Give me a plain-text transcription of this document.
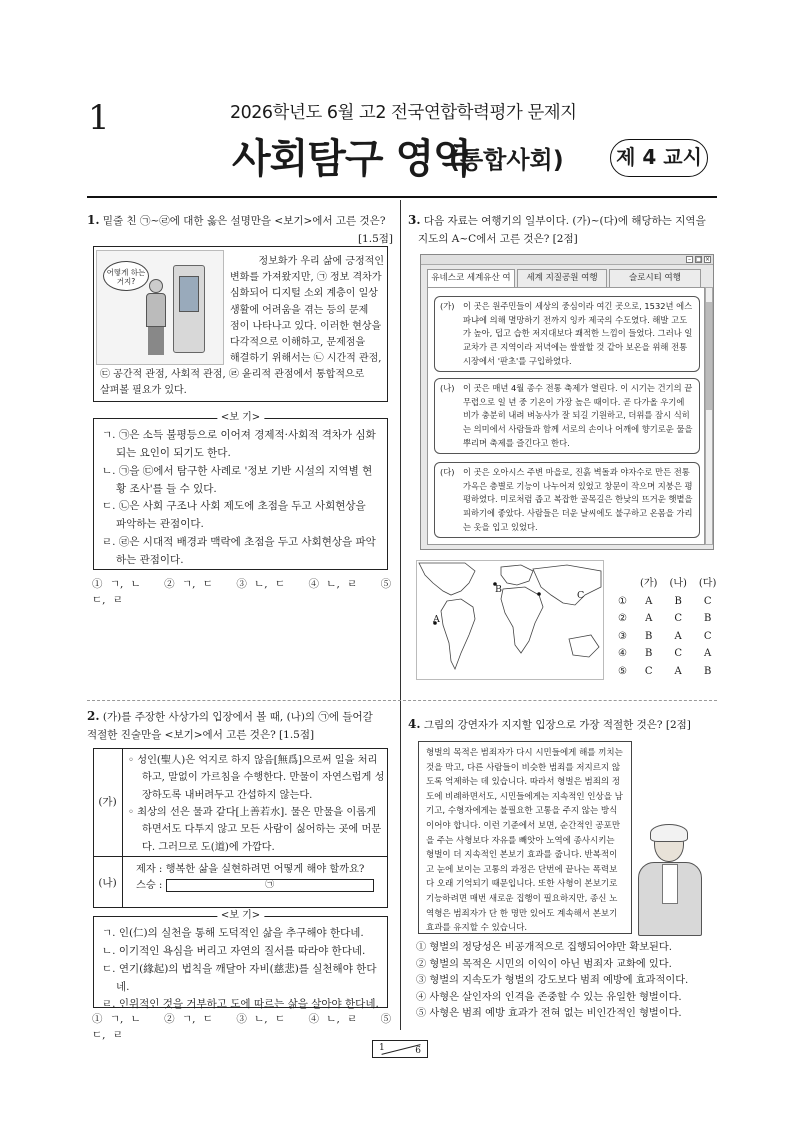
1	2026학년도 6월 고2 전국연합학력평가 문제지
사회탐구 영역
(통합사회)	제 4 교시
1. 밑줄 친 ㉠~㉣에 대한 옳은 설명만을 <보기>에서 고른 것은?
[1.5점]
어떻게 하는 거지?
정보화가 우리 삶에 긍정적인
변화를 가져왔지만, ㉠ 정보 격차가
심화되어 디지털 소외 계층이 일상
생활에 어려움을 겪는 등의 문제
점이 나타나고 있다. 이러한 현상을
다각적으로 이해하고, 문제점을
해결하기 위해서는 ㉡ 시간적 관점,
㉢ 공간적 관점, 사회적 관점, ㉣ 윤리적 관점에서 통합적으로
살펴볼 필요가 있다.
<보 기>
ㄱ. ㉠은 소득 불평등으로 이어져 경제적·사회적 격차가 심화되는 요인이 되기도 한다.
ㄴ. ㉠을 ㉢에서 탐구한 사례로 '정보 기반 시설의 지역별 현황 조사'를 들 수 있다.
ㄷ. ㉡은 사회 구조나 사회 제도에 초점을 두고 사회현상을 파악하는 관점이다.
ㄹ. ㉣은 시대적 배경과 맥락에 초점을 두고 사회현상을 파악하는 관점이다.
① ㄱ, ㄴ ② ㄱ, ㄷ ③ ㄴ, ㄷ ④ ㄴ, ㄹ ⑤ ㄷ, ㄹ
2. (가)를 주장한 사상가의 입장에서 볼 때, (나)의 ㉠에 들어갈
적절한 진술만을 <보기>에서 고른 것은? [1.5점]
(가)
◦ 성인(聖人)은 억지로 하지 않음[無爲]으로써 일을 처리하고, 말없이 가르침을 수행한다. 만물이 자연스럽게 성장하도록 내버려두고 간섭하지 않는다.
◦ 최상의 선은 물과 같다[上善若水]. 물은 만물을 이롭게 하면서도 다투지 않고 모든 사람이 싫어하는 곳에 머문다. 그러므로 도(道)에 가깝다.
(나)
제자 : 행복한 삶을 실현하려면 어떻게 해야 할까요?
스승 :	㉠
<보 기>
ㄱ. 인(仁)의 실천을 통해 도덕적인 삶을 추구해야 한다네.
ㄴ. 이기적인 욕심을 버리고 자연의 질서를 따라야 한다네.
ㄷ. 연기(緣起)의 법칙을 깨달아 자비(慈悲)를 실천해야 한다네.
ㄹ. 인위적인 것을 거부하고 도에 따르는 삶을 살아야 한다네.
① ㄱ, ㄴ ② ㄱ, ㄷ ③ ㄴ, ㄷ ④ ㄴ, ㄹ ⑤ ㄷ, ㄹ
3. 다음 자료는 여행기의 일부이다. (가)~(다)에 해당하는 지역을
지도의 A~C에서 고른 것은? [2점]
– □ ×
유네스코 세계유산 여	세계 지질공원 여행	슬로시티 여행
(가) 이 곳은 원주민들이 세상의 중심이라 여긴 곳으로, 1532년 에스파냐에 의해 멸망하기 전까지 잉카 제국의 수도였다. 해발 고도가 높아, 덥고 습한 저지대보다 쾌적한 느낌이 들었다. 그러나 일교차가 큰 지역이라 저녁에는 쌀쌀할 것 같아 보온을 위해 전통 시장에서 '판초'를 구입하였다.
(나) 이 곳은 매년 4월 종수 전통 축제가 열린다. 이 시기는 건기의 끝 무렵으로 일 년 중 기온이 가장 높은 때이다. 곧 다가올 우기에 비가 충분히 내려 벼농사가 잘 되길 기원하고, 더위를 잠시 식히는 의미에서 사람들과 함께 서로의 손이나 어깨에 향기로운 물을 뿌리며 축제를 즐긴다고 한다.
(다) 이 곳은 오아시스 주변 마을로, 진흙 벽돌과 야자수로 만든 전통 가옥은 층별로 기능이 나누어져 있었고 창문이 작으며 지붕은 평평하였다. 미로처럼 좁고 복잡한 골목길은 한낮의 뜨거운 햇볕을 피하기에 좋았다. 사람들은 더운 날씨에도 불구하고 온몸을 가리는 옷을 입고 있었다.
A
B
C
	(가)	(나)	(다)
①	A	B	C
②	A	C	B
③	B	A	C
④	B	C	A
⑤	C	A	B
4. 그림의 강연자가 지지할 입장으로 가장 적절한 것은? [2점]
형벌의 목적은 범죄자가 다시 시민들에게 해를 끼치는 것을 막고, 다른 사람들이 비슷한 범죄를 저지르지 않도록 억제하는 데 있습니다. 따라서 형벌은 범죄의 정도에 비례하면서도, 시민들에게는 지속적인 인상을 남기고, 수형자에게는 불필요한 고통을 주지 않는 방식이어야 합니다. 이런 기준에서 보면, 순간적인 공포만을 주는 사형보다 자유를 빼앗아 노역에 종사시키는 형벌이 더 지속적인 본보기 효과를 줍니다. 반복적이고 눈에 보이는 고통의 과정은 단번에 끝나는 폭력보다 오래 기억되기 때문입니다. 또한 사형이 본보기로 기능하려면 매번 새로운 집행이 필요하지만, 종신 노역형은 범죄자가 단 한 명만 있어도 계속해서 본보기 효과를 유지할 수 있습니다.
① 형벌의 정당성은 비공개적으로 집행되어야만 확보된다.
② 형벌의 목적은 시민의 이익이 아닌 범죄자 교화에 있다.
③ 형벌의 지속도가 형벌의 강도보다 범죄 예방에 효과적이다.
④ 사형은 살인자의 인격을 존중할 수 있는 유일한 형벌이다.
⑤ 사형은 범죄 예방 효과가 전혀 없는 비인간적인 형벌이다.
1	6
